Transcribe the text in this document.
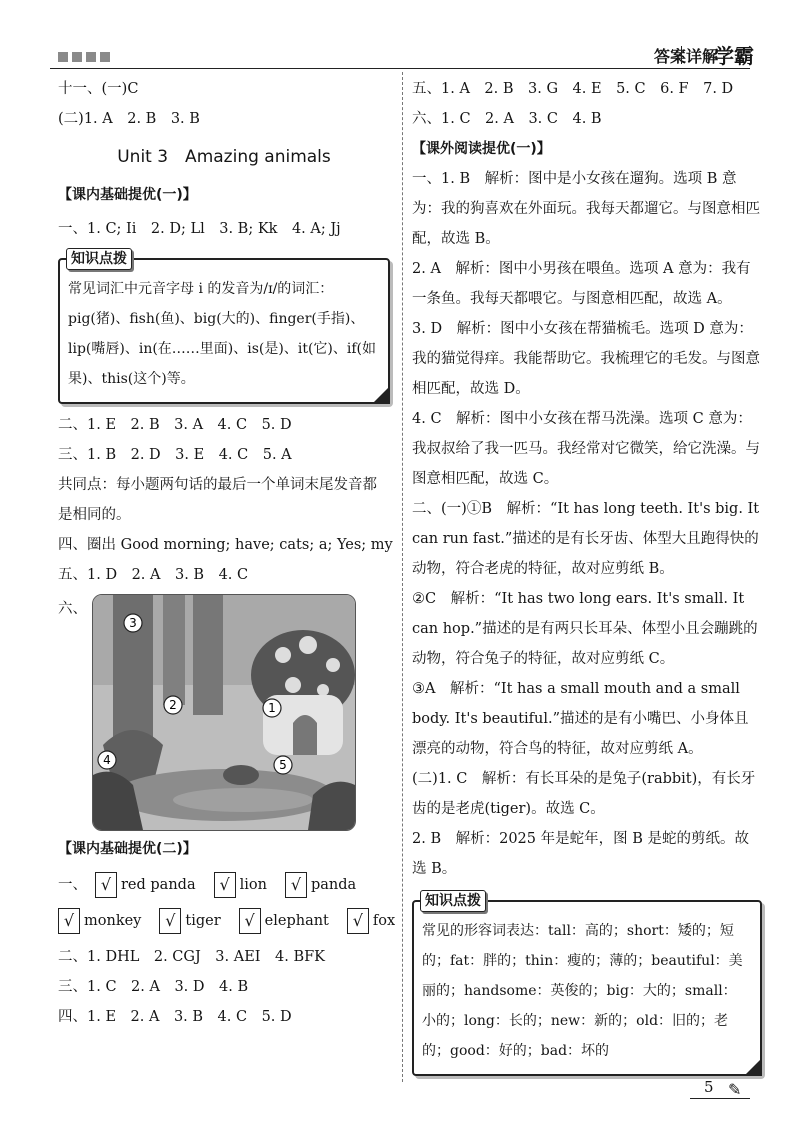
答案详解
学霸
十一、(一)C
(二)1. A　2. B　3. B
Unit 3　Amazing animals
【课内基础提优(一)】
一、1. C; Ii　2. D; Ll　3. B; Kk　4. A; Jj
知识点拨
常见词汇中元音字母 i 的发音为/ɪ/的词汇：pig(猪)、fish(鱼)、big(大的)、finger(手指)、lip(嘴唇)、in(在……里面)、is(是)、it(它)、if(如果)、this(这个)等。
二、1. E　2. B　3. A　4. C　5. D
三、1. B　2. D　3. E　4. C　5. A
共同点：每小题两句话的最后一个单词末尾发音都是相同的。
四、圈出 Good morning; have; cats; a; Yes; my
五、1. D　2. A　3. B　4. C
六、
3
2	1
4	5
【课内基础提优(二)】
一、 √ red panda	√ lion	√ panda
√ monkey	√ tiger	√ elephant	√ fox
二、1. DHL　2. CGJ　3. AEI　4. BFK
三、1. C　2. A　3. D　4. B
四、1. E　2. A　3. B　4. C　5. D
五、1. A　2. B　3. G　4. E　5. C　6. F　7. D
六、1. C　2. A　3. C　4. B
【课外阅读提优(一)】
一、1. B　解析：图中是小女孩在遛狗。选项 B 意为：我的狗喜欢在外面玩。我每天都遛它。与图意相匹配，故选 B。
2. A　解析：图中小男孩在喂鱼。选项 A 意为：我有一条鱼。我每天都喂它。与图意相匹配，故选 A。
3. D　解析：图中小女孩在帮猫梳毛。选项 D 意为：我的猫觉得痒。我能帮助它。我梳理它的毛发。与图意相匹配，故选 D。
4. C　解析：图中小女孩在帮马洗澡。选项 C 意为：我叔叔给了我一匹马。我经常对它微笑，给它洗澡。与图意相匹配，故选 C。
二、(一)①B　解析：“It has long teeth. It's big. It can run fast.”描述的是有长牙齿、体型大且跑得快的动物，符合老虎的特征，故对应剪纸 B。
②C　解析：“It has two long ears. It's small. It can hop.”描述的是有两只长耳朵、体型小且会蹦跳的动物，符合兔子的特征，故对应剪纸 C。
③A　解析：“It has a small mouth and a small body. It's beautiful.”描述的是有小嘴巴、小身体且漂亮的动物，符合鸟的特征，故对应剪纸 A。
(二)1. C　解析：有长耳朵的是兔子(rabbit)，有长牙齿的是老虎(tiger)。故选 C。
2. B　解析：2025 年是蛇年，图 B 是蛇的剪纸。故选 B。
知识点拨
常见的形容词表达：tall：高的；short：矮的；短的；fat：胖的；thin：瘦的；薄的；beautiful：美丽的；handsome：英俊的；big：大的；small：小的；long：长的；new：新的；old：旧的；老的；good：好的；bad：坏的
5 ✎
